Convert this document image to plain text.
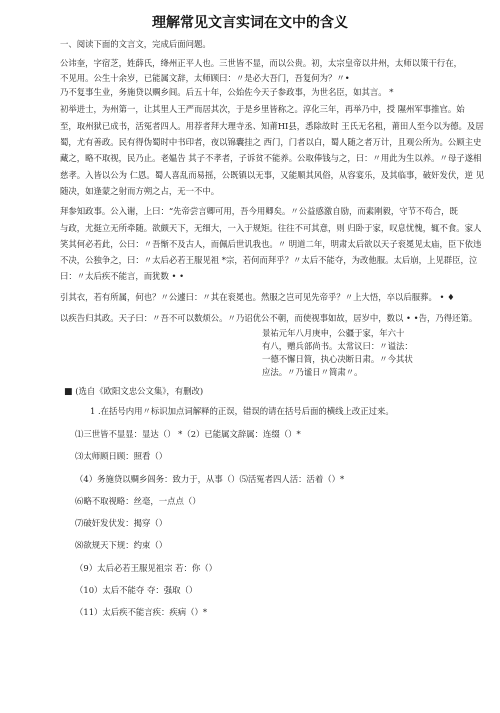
理解常见文言实词在文中的含义
一、阅读下面的文言文，完成后面问题。
公讳奎，字宿芝，姓薛氏，绛州正平人也。三世皆不显，而以公贵。初，太宗皇帝以井州，太师以策干行在，
不见用。公生十余岁，已能属文辞，太师顾曰：〃是必大吾门，吾复何为？〃•
乃不复事生业，务施贷以赒乡闾。后五十年，公始佐今天子参政事，为世名臣，如其言。 *
初举进士，为州第一，让其里人王严而居其次，于是乡里皆称之。淳化三年，再举乃中，授 隰州军事推官。始
至，取州狱已成书，活冤者四人。用荐者拜大理寺丞、知莆HI县，悉除故时 王氏无名租，莆田人至今以为德。及居
蜀，尤有善政。民有得伪蜀时中书印者，夜以锦囊挂之 西门，门者以白，蜀人随之者万计，且观公所为。公顾主史
藏之，略不取视，民乃止。老媪告 其子不孝者，子诉贫不能养。公取俸钱与之，曰：〃用此为生以养。〃母子遂相
慈孝。入皆以公为 仁恩。蜀人喜乱而易摇，公既镇以无事，又能顺其风俗，从容宴乐，及其临事，破奸发伏，逆 见
随决，如逢蒙之射而方朔之占，无一不中。
拜参知政事。公入谢，上曰：“先帝尝言卿可用，吾今用卿矣。〃公益感激自励，而素刚毅，守节不苟合，既
与政，尤挺立无所牵随。欲颇天下，无细大，一入于规矩。往往不可其意，则 归卧于家，叹息忧愧，辄不食。家人
笑其何必若此，公曰：〃吾惭不及古人，而佩后世讥我也。〃 明道二年，明肃太后欲以天子衮冕见太庙，臣下依违
不决，公独争之，曰：〃太后必若王服见祖 *宗，若何而拜乎？〃太后不能夺，为改他服。太后崩，上见群臣，泣
曰：〃太后疾不能言，而犹数 • •
引其衣，若有所属，何也？〃公遽曰：〃其在衮冕也。然服之岂可见先帝乎？〃上大悟，卒以后服葬。 • ♦
以疾告归其政。天子曰：〃吾不可以数烦公。〃乃诏优公不朝，而使视事如故，居岁中，数以 • •告，乃得还第。
景祐元年八月庚申，公疆于家，年六十
有八，赠兵部尚书。太常议曰：〃谥法：
一德不懈日简，执心决断日肃。〃今其状
应法。〃乃谧日〃简肃〃。
■ (选自《欧阳文忠公文集》，有删改)
1 .在括号内用〃标识加点词解释的正误，错误的请在括号后面的横线上改正过来。
⑴三世皆不显显：显达（） *（2）已能属文辞属：连缀（）*
⑶太师顾日顾：照看（）
（4）务施贷以赒乡闾务：致力于，从事（）⑸活冤者四人活：活着（）*
⑹略不取视略：丝毫，一点点（）
⑺破奸发伏发：揭穿（）
⑻欲规天下规：约束（）
（9）太后必若王服见祖宗 若：你（）
（10）太后不能夺 夺：强取（）
（11）太后疾不能言疾：疾病（）*
